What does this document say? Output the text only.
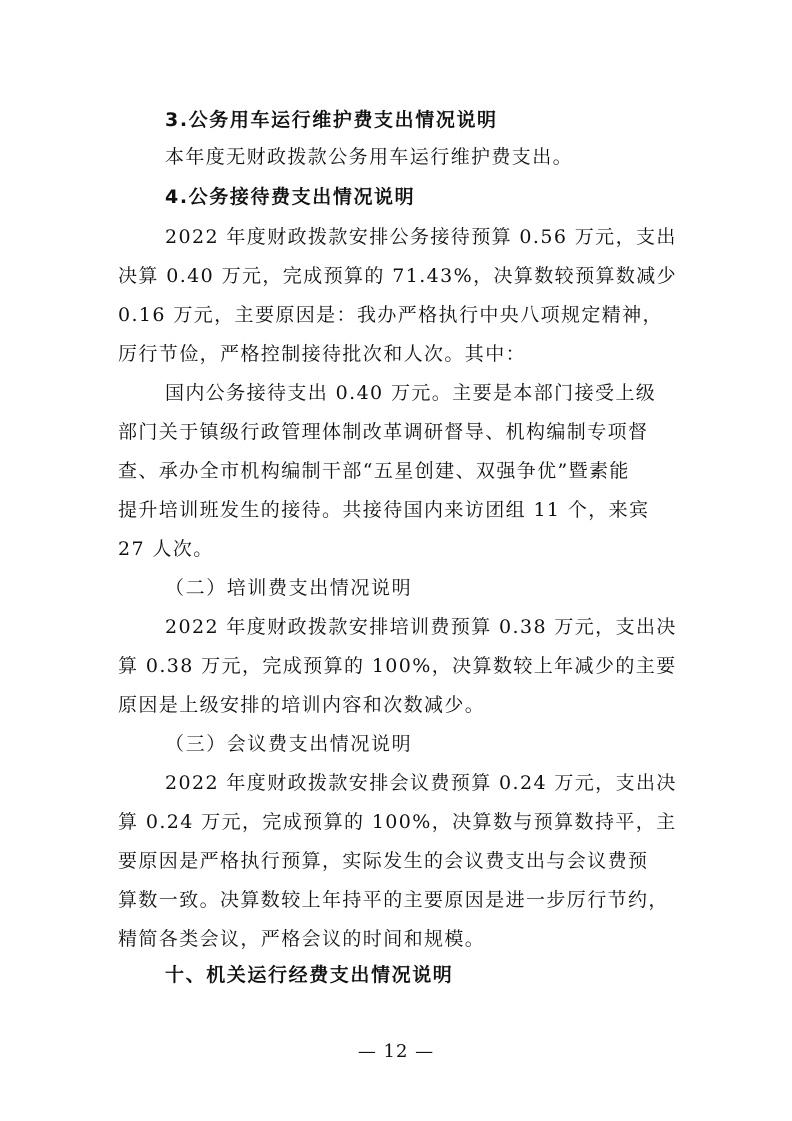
3.公务用车运行维护费支出情况说明
本年度无财政拨款公务用车运行维护费支出。
4.公务接待费支出情况说明
2022 年度财政拨款安排公务接待预算 0.56 万元，支出
决算 0.40 万元，完成预算的 71.43%，决算数较预算数减少
0.16 万元，主要原因是：我办严格执行中央八项规定精神，
厉行节俭，严格控制接待批次和人次。其中：
国内公务接待支出 0.40 万元。主要是本部门接受上级
部门关于镇级行政管理体制改革调研督导、机构编制专项督
查、承办全市机构编制干部“五星创建、双强争优”暨素能
提升培训班发生的接待。共接待国内来访团组 11 个，来宾
27 人次。
（二）培训费支出情况说明
2022 年度财政拨款安排培训费预算 0.38 万元，支出决
算 0.38 万元，完成预算的 100%，决算数较上年减少的主要
原因是上级安排的培训内容和次数减少。
（三）会议费支出情况说明
2022 年度财政拨款安排会议费预算 0.24 万元，支出决
算 0.24 万元，完成预算的 100%，决算数与预算数持平，主
要原因是严格执行预算，实际发生的会议费支出与会议费预
算数一致。决算数较上年持平的主要原因是进一步厉行节约，
精简各类会议，严格会议的时间和规模。
十、机关运行经费支出情况说明
— 12 —
